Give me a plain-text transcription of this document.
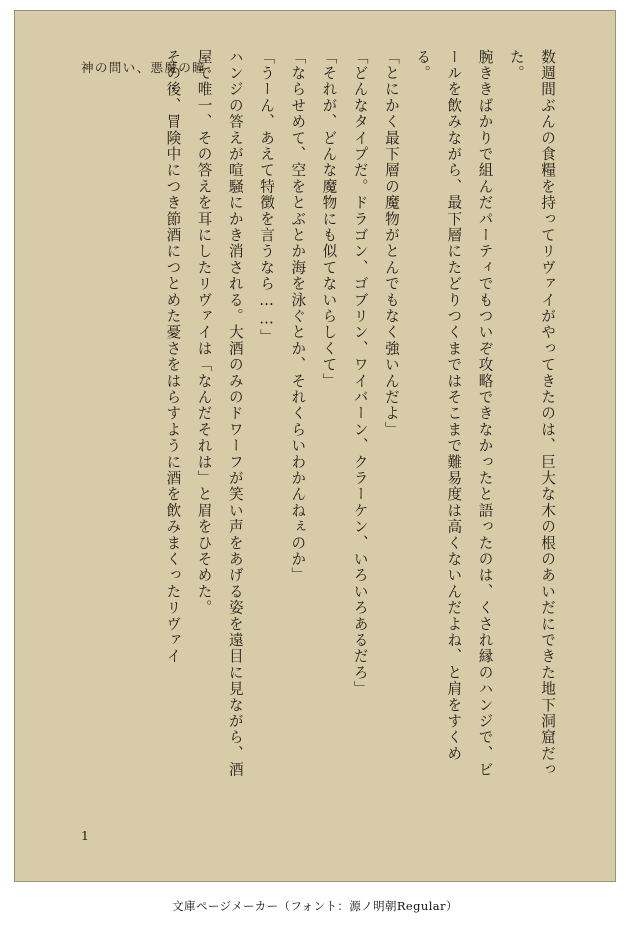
神の問い、悪魔の瞳	数週間ぶんの食糧を持ってリヴァイがやってきたのは、巨大な木の根のあいだにできた地下洞窟だった。

腕ききばかりで組んだパーティでもついぞ攻略できなかったと語ったのは、くされ縁のハンジで、ビールを飲みながら、最下層にたどりつくまではそこまで難易度は高くないんだよね、と肩をすくめる。

「とにかく最下層の魔物がとんでもなく強いんだよ」

「どんなタイプだ。ドラゴン、ゴブリン、ワイバーン、クラーケン、いろいろあるだろ」

「それが、どんな魔物にも似てないらしくて」

「ならせめて、空をとぶとか海を泳ぐとか、それくらいわかんねぇのか」

「うーん、あえて特徴を言うなら……」

ハンジの答えが喧騒にかき消される。大酒のみのドワーフが笑い声をあげる姿を遠目に見ながら、酒屋で唯一、その答えを耳にしたリヴァイは「なんだそれは」と眉をひそめた。

その後、冒険中につき節酒につとめた憂さをはらすように酒を飲みまくったリヴァイ

1
文庫ページメーカー（フォント：源ノ明朝Regular）
